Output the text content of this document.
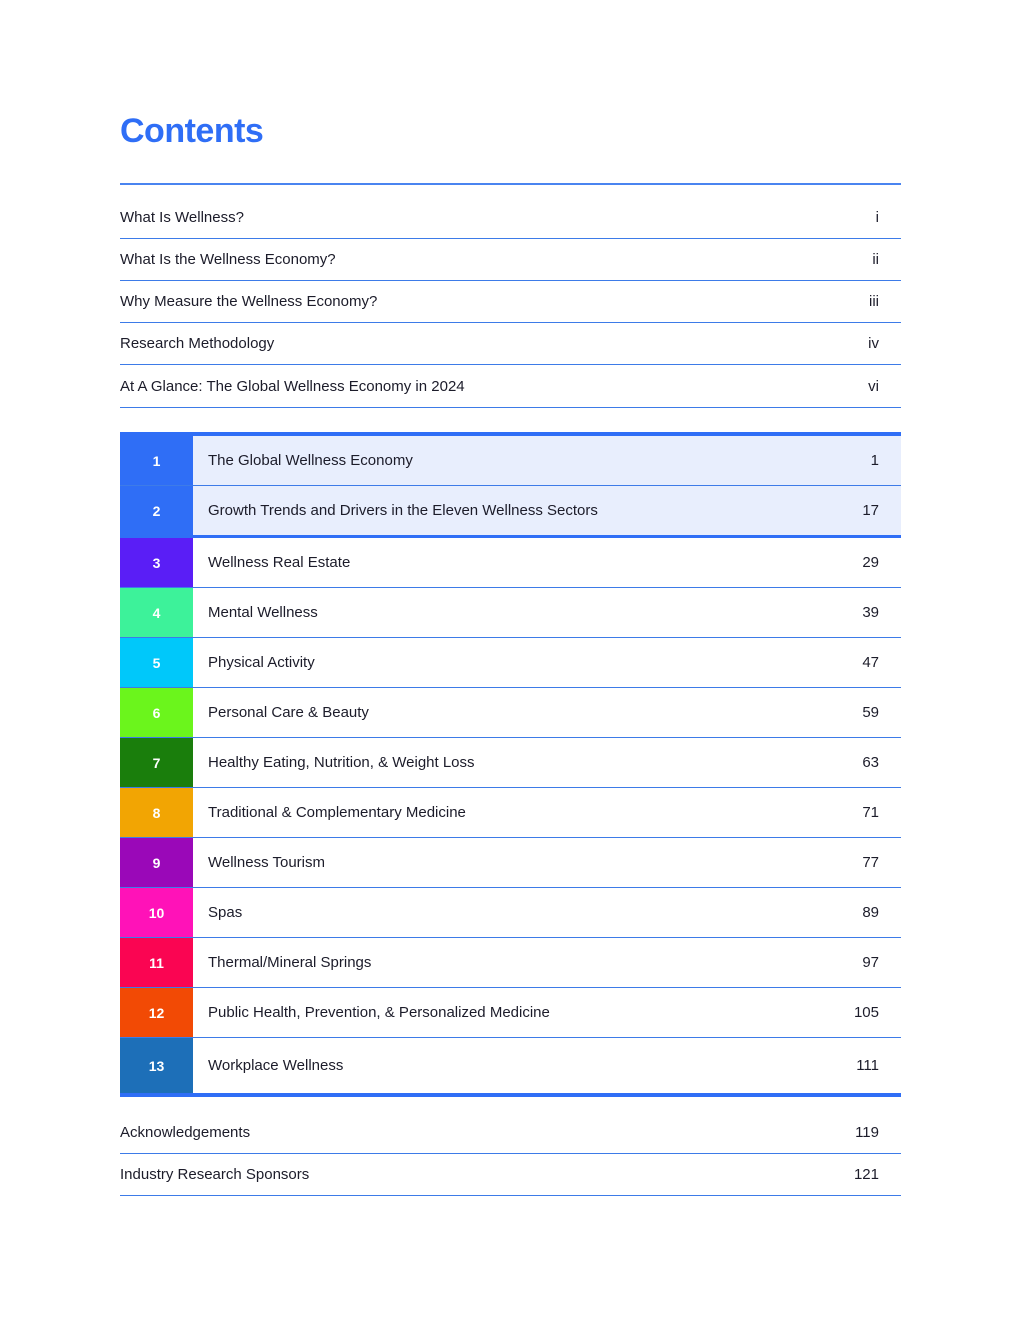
Contents
What Is Wellness?	i
What Is the Wellness Economy?	ii
Why Measure the Wellness Economy?	iii
Research Methodology	iv
At A Glance: The Global Wellness Economy in 2024	vi
1	The Global Wellness Economy	1
2	Growth Trends and Drivers in the Eleven Wellness Sectors	17
3	Wellness Real Estate	29
4	Mental Wellness	39
5	Physical Activity	47
6	Personal Care & Beauty	59
7	Healthy Eating, Nutrition, & Weight Loss	63
8	Traditional & Complementary Medicine	71
9	Wellness Tourism	77
10	Spas	89
11	Thermal/Mineral Springs	97
12	Public Health, Prevention, & Personalized Medicine	105
13	Workplace Wellness	111
Acknowledgements	119
Industry Research Sponsors	121
